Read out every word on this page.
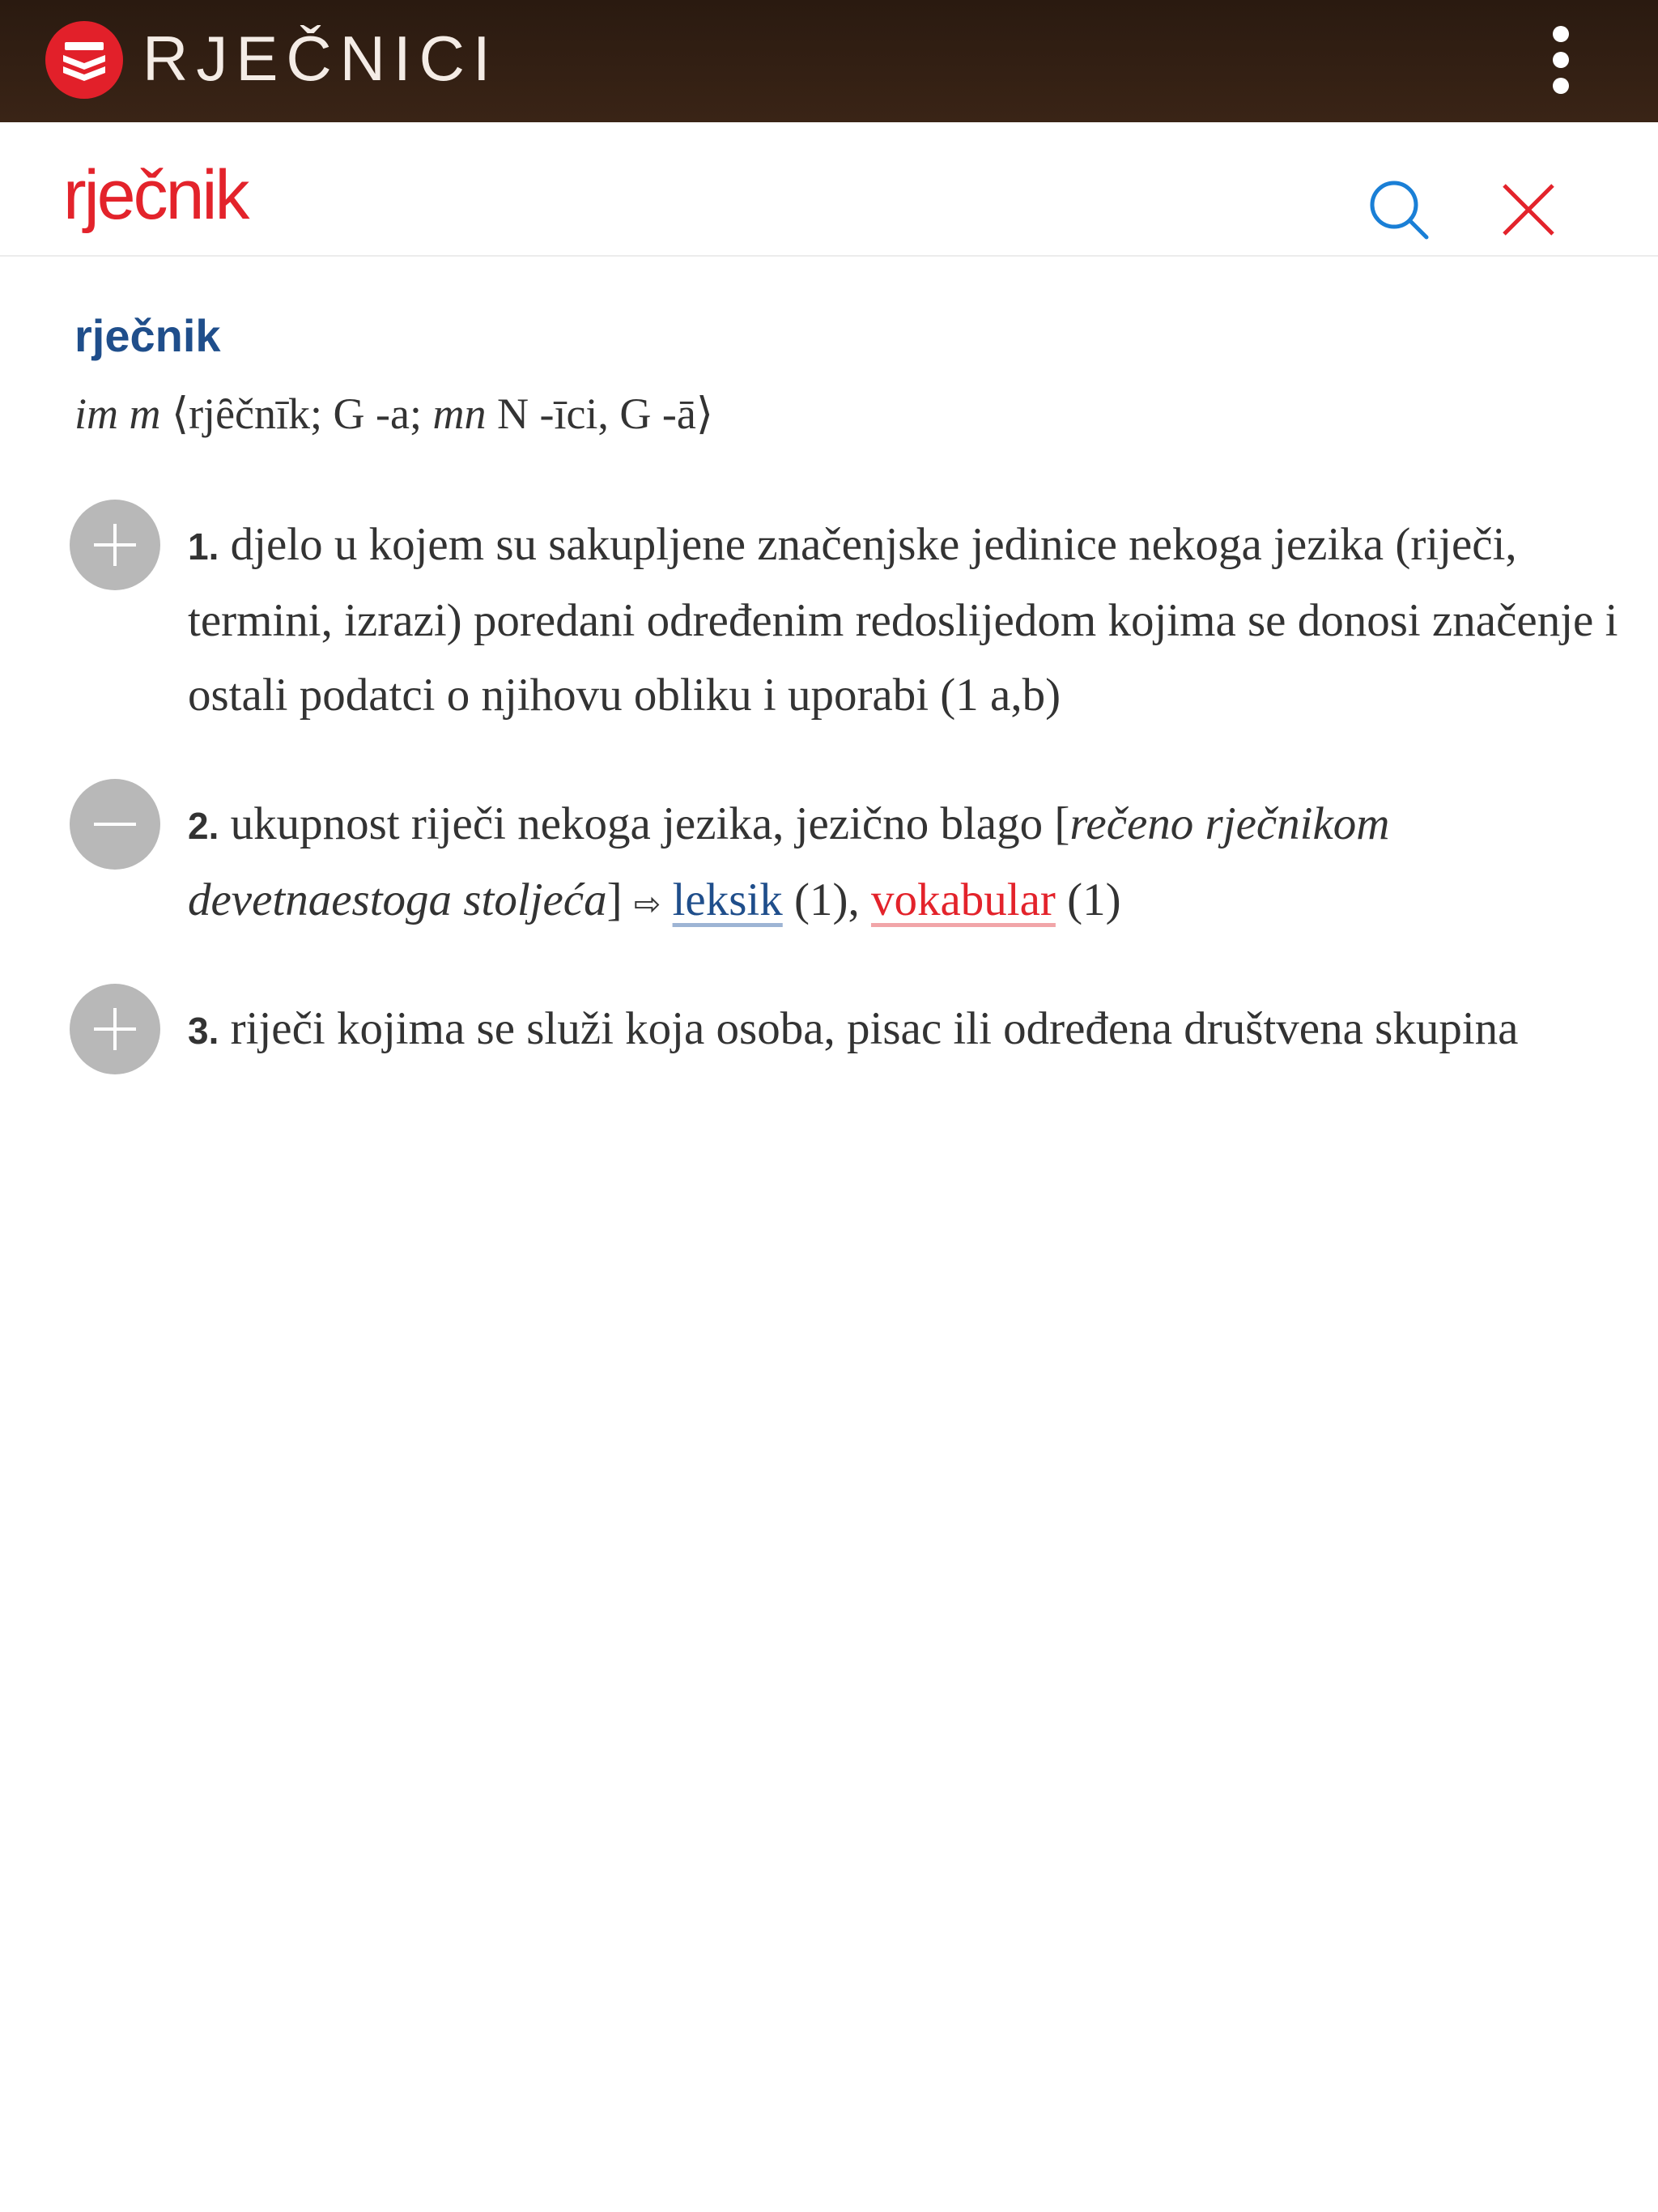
RJEČNICI
rječnik
rječnik
im m ⟨rjȇčnīk; G -a; mn N -īci, G -ā⟩
1. djelo u kojem su sakupljene značenjske jedinice nekoga jezika (riječi, termini, izrazi) poredani određenim redoslijedom kojima se donosi značenje i ostali podatci o njihovu obliku i uporabi (1 a,b)
2. ukupnost riječi nekoga jezika, jezično blago [rečeno rječnikom devetnaestoga stoljeća] ⇨ leksik (1), vokabular (1)
3. riječi kojima se služi koja osoba, pisac ili određena društvena skupina
